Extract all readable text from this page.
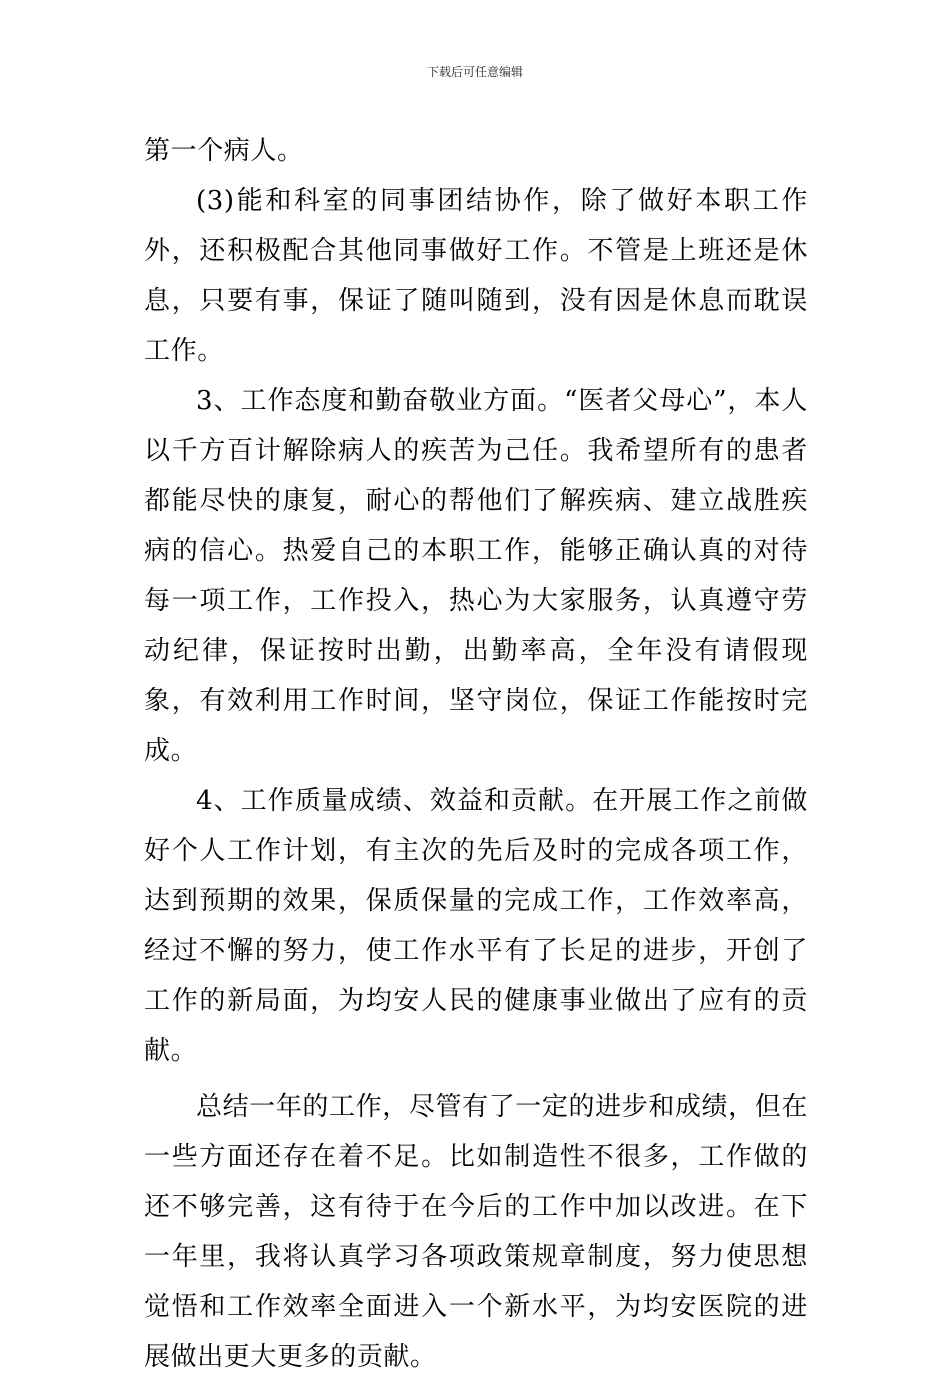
下载后可任意编辑

第一个病人。

(3)能和科室的同事团结协作，除了做好本职工作外，还积极配合其他同事做好工作。不管是上班还是休息，只要有事，保证了随叫随到，没有因是休息而耽误工作。

3、工作态度和勤奋敬业方面。“医者父母心”，本人以千方百计解除病人的疾苦为己任。我希望所有的患者都能尽快的康复，耐心的帮他们了解疾病、建立战胜疾病的信心。热爱自己的本职工作，能够正确认真的对待每一项工作，工作投入，热心为大家服务，认真遵守劳动纪律，保证按时出勤，出勤率高，全年没有请假现象，有效利用工作时间，坚守岗位，保证工作能按时完成。

4、工作质量成绩、效益和贡献。在开展工作之前做好个人工作计划，有主次的先后及时的完成各项工作，达到预期的效果，保质保量的完成工作，工作效率高，经过不懈的努力，使工作水平有了长足的进步，开创了工作的新局面，为均安人民的健康事业做出了应有的贡献。

总结一年的工作，尽管有了一定的进步和成绩，但在一些方面还存在着不足。比如制造性不很多，工作做的还不够完善，这有待于在今后的工作中加以改进。在下一年里，我将认真学习各项政策规章制度，努力使思想觉悟和工作效率全面进入一个新水平，为均安医院的进展做出更大更多的贡献。
